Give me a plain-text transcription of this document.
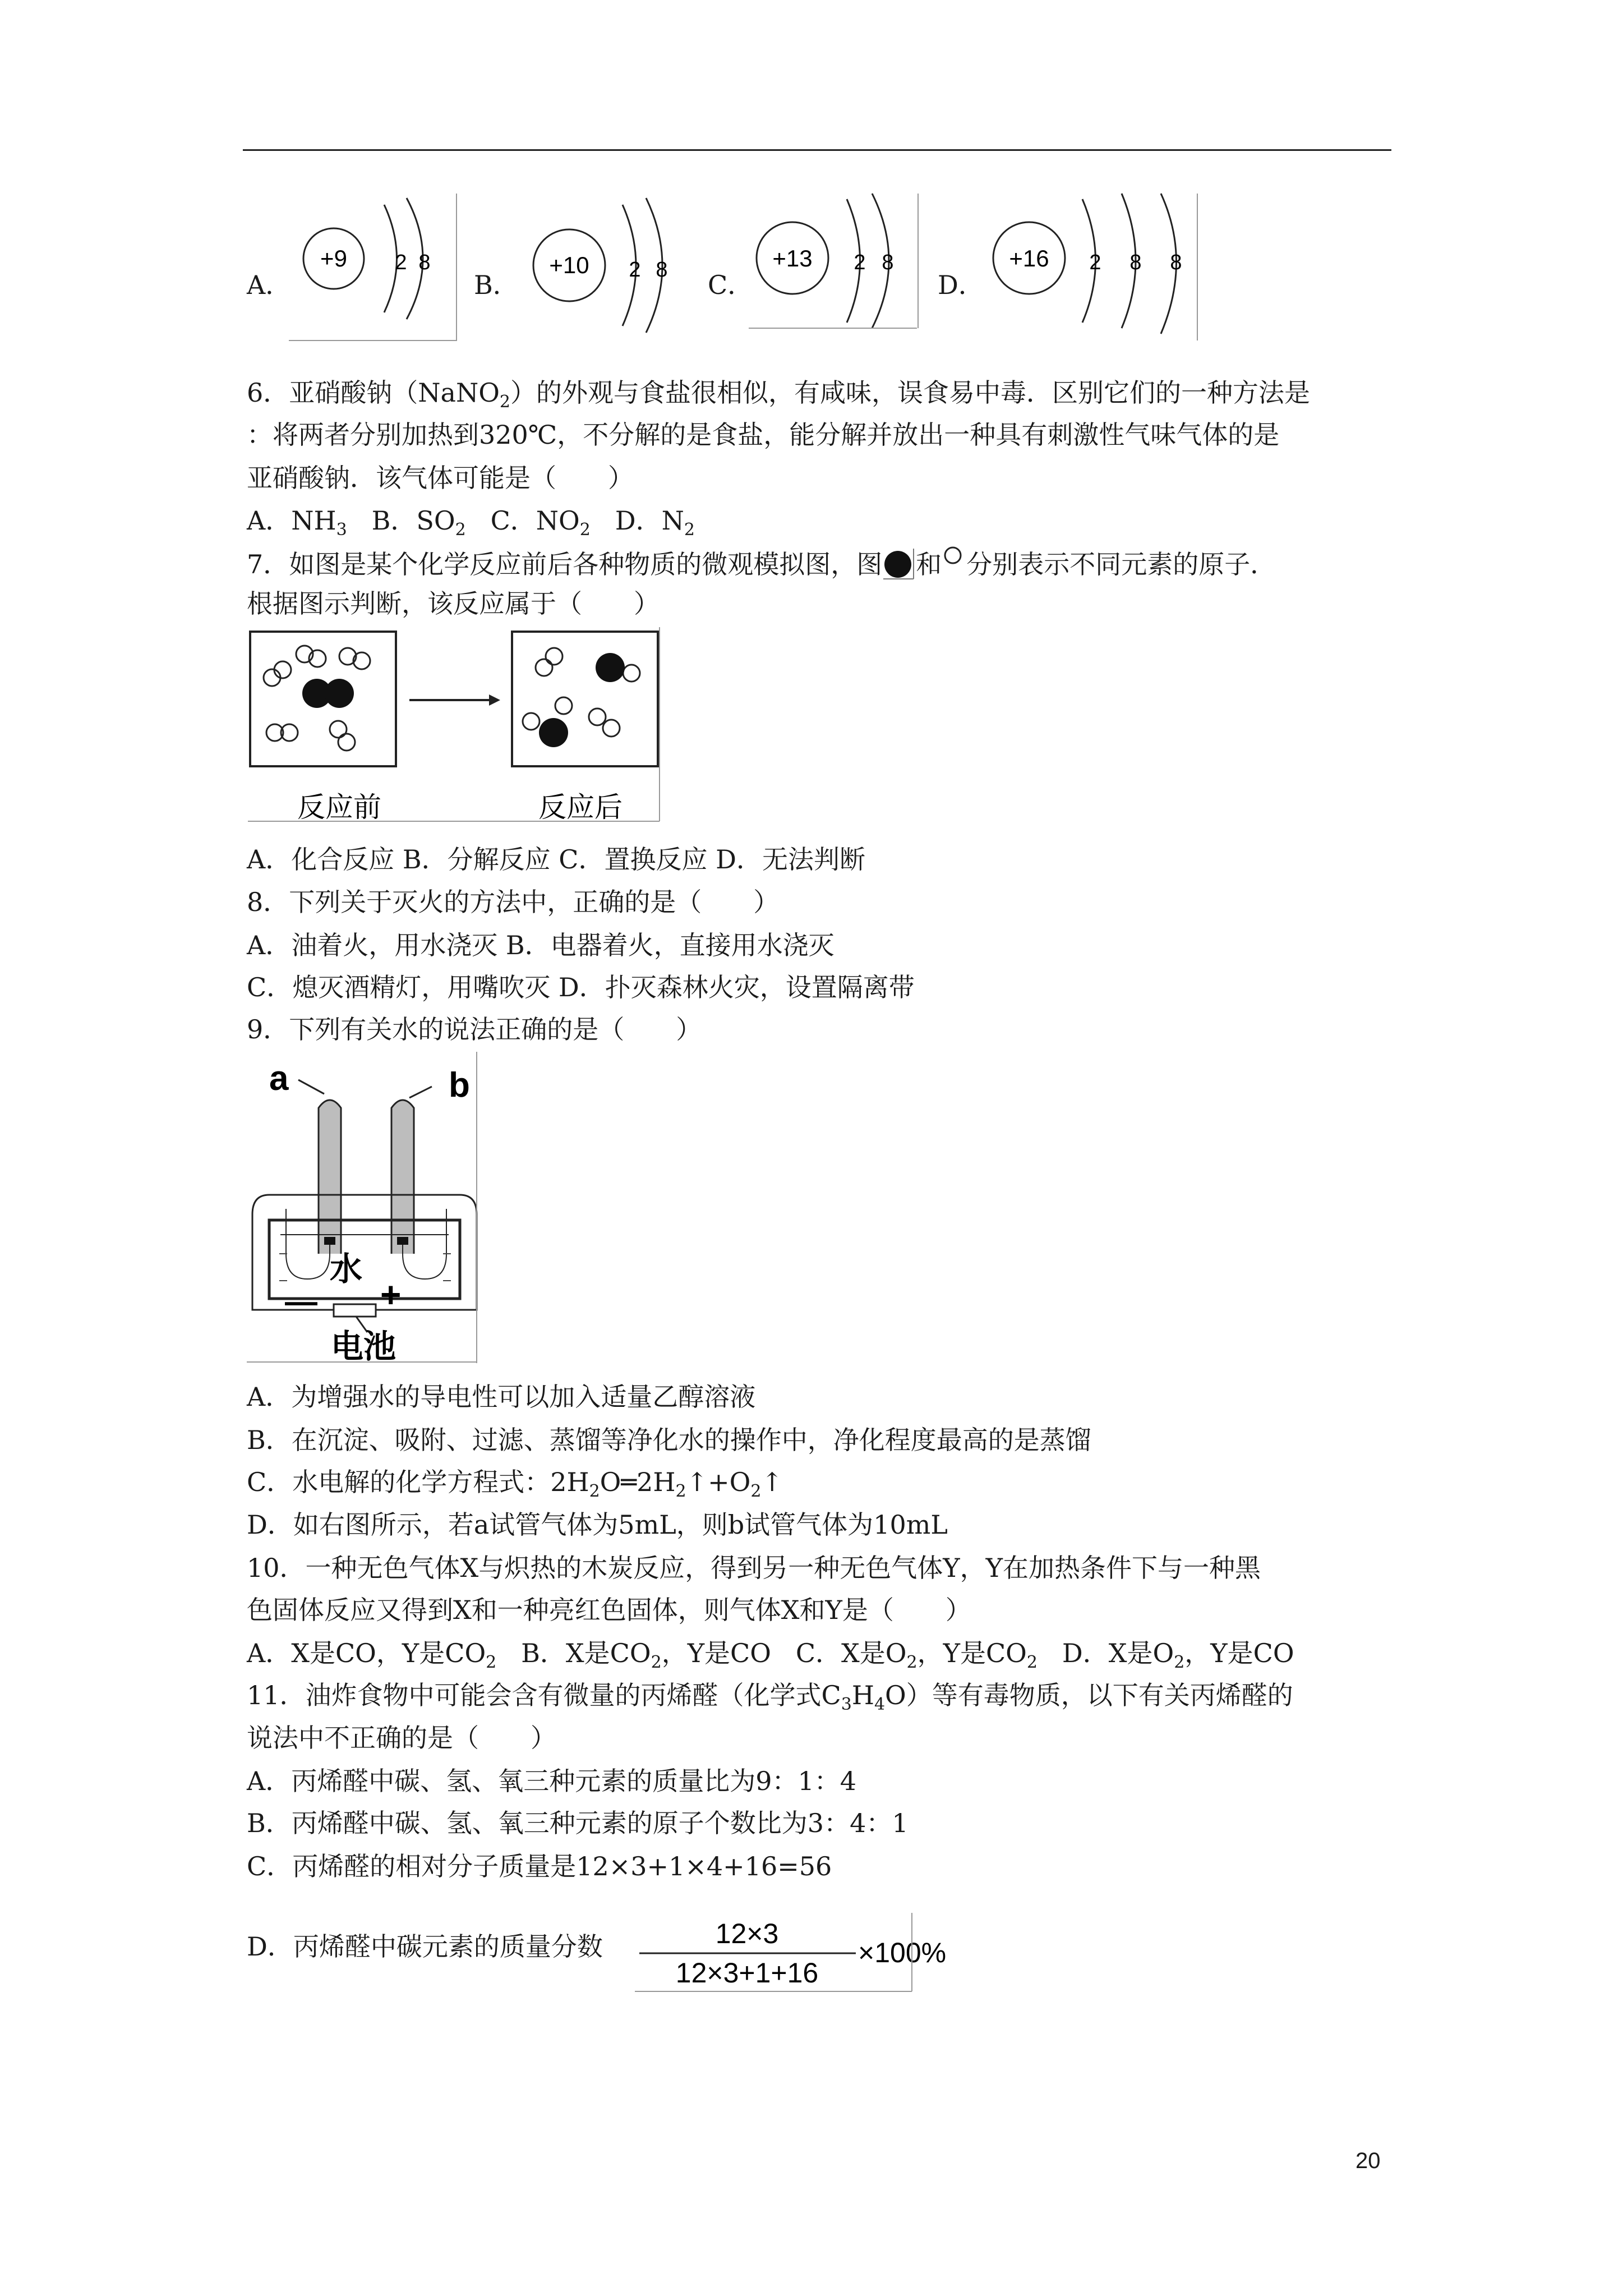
A．
+9 2 8
B．
+10 2 8 C．
+13 2 8
D．
+16 2 8 8
6．亚硝酸钠（NaNO$_2$）的外观与食盐很相似，有咸味，误食易中毒．区别它们的一种方法是
：将两者分别加热到320℃，不分解的是食盐，能分解并放出一种具有刺激性气味气体的是
亚硝酸钠．该气体可能是（　　）
A．$NH_3$ B．$SO_2$ C．$NO_2$ D．$N_2$
7．如图是某个化学反应前后各种物质的微观模拟图，图 和 分别表示不同元素的原子．
根据图示判断，该反应属于（　　）
反应前	反应后
A．化合反应 B．分解反应 C．置换反应 D．无法判断
8．下列关于灭火的方法中，正确的是（　　）
A．油着火，用水浇灭 B．电器着火，直接用水浇灭
C．熄灭酒精灯，用嘴吹灭 D．扑灭森林火灾，设置隔离带
9．下列有关水的说法正确的是（　　）
a	b
水
— +
电池
A．为增强水的导电性可以加入适量乙醇溶液
B．在沉淀、吸附、过滤、蒸馏等净化水的操作中，净化程度最高的是蒸馏
C．水电解的化学方程式：$2H_2O═2H_2↑+O_2↑$
D．如右图所示，若a试管气体为5mL，则b试管气体为10mL
10．一种无色气体X与炽热的木炭反应，得到另一种无色气体Y，Y在加热条件下与一种黑
色固体反应又得到X和一种亮红色固体，则气体X和Y是（　　）
A．X是CO，Y是$CO_2$ B．X是$CO_2$，Y是CO C．X是$O_2$，Y是$CO_2$ D．X是$O_2$，Y是CO
11．油炸食物中可能会含有微量的丙烯醛（化学式$C_3H_4O$）等有毒物质，以下有关丙烯醛的
说法中不正确的是（　　）
A．丙烯醛中碳、氢、氧三种元素的质量比为9：1：4
B．丙烯醛中碳、氢、氧三种元素的原子个数比为3：4：1
C．丙烯醛的相对分子质量是12×3+1×4+16=56
D．丙烯醛中碳元素的质量分数	12×3
12×3+1+16
×100%
20
